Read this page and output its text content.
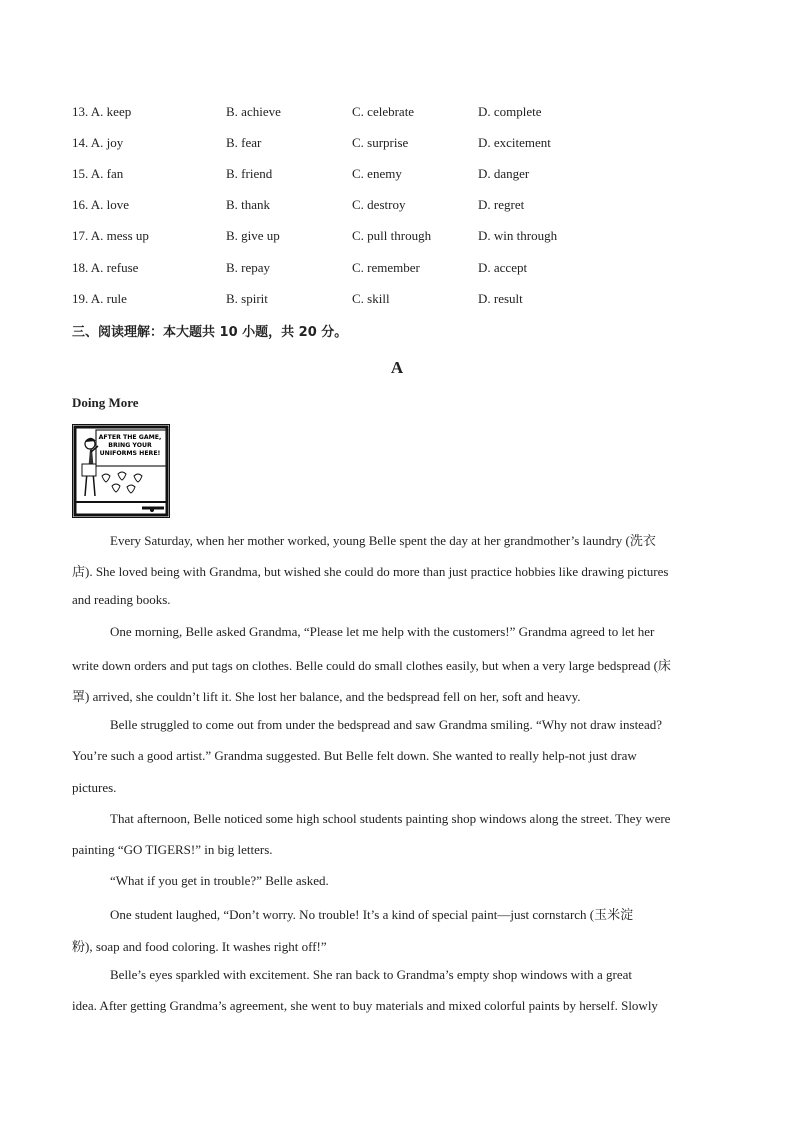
13. A. keep	B. achieve	C. celebrate	D. complete
14. A. joy	B. fear	C. surprise	D. excitement
15. A. fan	B. friend	C. enemy	D. danger
16. A. love	B. thank	C. destroy	D. regret
17. A. mess up	B. give up	C. pull through	D. win through
18. A. refuse	B. repay	C. remember	D. accept
19. A. rule	B. spirit	C. skill	D. result
三、阅读理解：本大题共 10 小题，共 20 分。
A
Doing More
AFTER THE GAME,
BRING YOUR
UNIFORMS HERE!
Every Saturday, when her mother worked, young Belle spent the day at her grandmother’s laundry (洗衣
店). She loved being with Grandma, but wished she could do more than just practice hobbies like drawing pictures
and reading books.
One morning, Belle asked Grandma, “Please let me help with the customers!” Grandma agreed to let her
write down orders and put tags on clothes. Belle could do small clothes easily, but when a very large bedspread (床
罩) arrived, she couldn’t lift it. She lost her balance, and the bedspread fell on her, soft and heavy.
Belle struggled to come out from under the bedspread and saw Grandma smiling. “Why not draw instead?
You’re such a good artist.” Grandma suggested. But Belle felt down. She wanted to really help-not just draw
pictures.
That afternoon, Belle noticed some high school students painting shop windows along the street. They were
painting “GO TIGERS!” in big letters.
“What if you get in trouble?” Belle asked.
One student laughed, “Don’t worry. No trouble! It’s a kind of special paint—just cornstarch (玉米淀
粉), soap and food coloring. It washes right off!”
Belle’s eyes sparkled with excitement. She ran back to Grandma’s empty shop windows with a great
idea. After getting Grandma’s agreement, she went to buy materials and mixed colorful paints by herself. Slowly
